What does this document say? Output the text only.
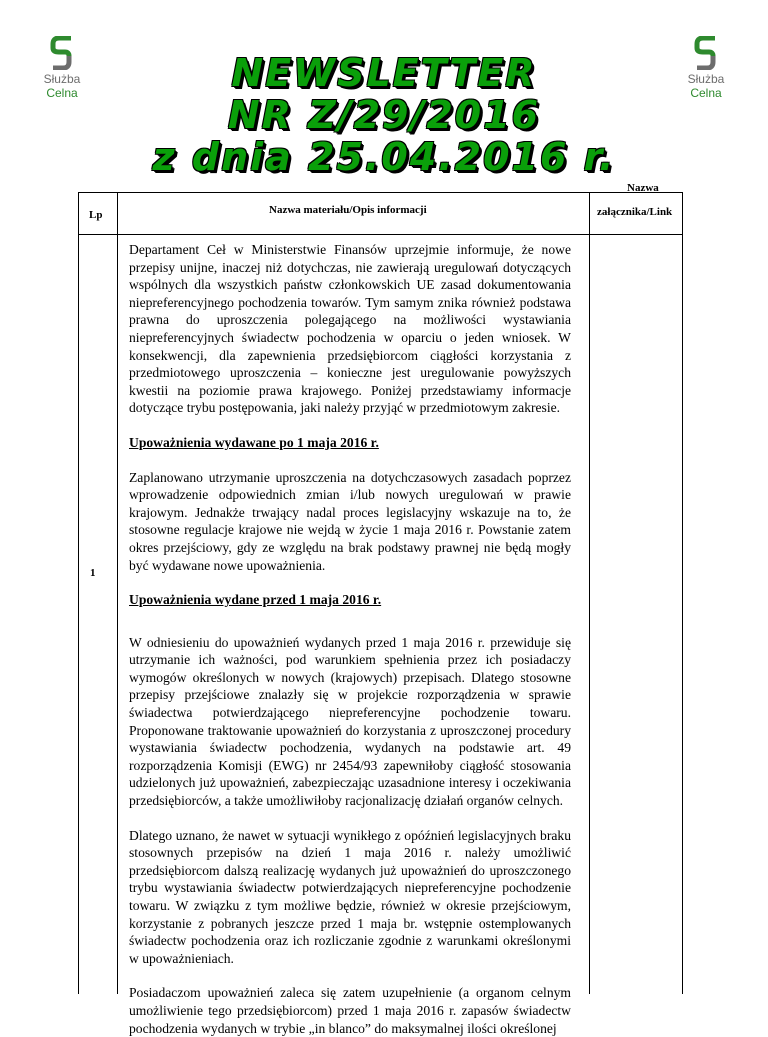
Służba
Celna
Służba
Celna
NEWSLETTER
NR Z/29/2016
z dnia 25.04.2016 r.
Lp	Nazwa materiału/Opis informacji
Nazwa
załącznika/Link
1

Departament Ceł w Ministerstwie Finansów uprzejmie informuje, że nowe przepisy unijne, inaczej niż dotychczas, nie zawierają uregulowań dotyczących wspólnych dla wszystkich państw członkowskich UE zasad dokumentowania niepreferencyjnego pochodzenia towarów. Tym samym znika również podstawa prawna do uproszczenia polegającego na możliwości wystawiania niepreferencyjnych świadectw pochodzenia w oparciu o jeden wniosek. W konsekwencji, dla zapewnienia przedsiębiorcom ciągłości korzystania z przedmiotowego uproszczenia – konieczne jest uregulowanie powyższych kwestii na poziomie prawa krajowego. Poniżej przedstawiamy informacje dotyczące trybu postępowania, jaki należy przyjąć w przedmiotowym zakresie.

Upoważnienia wydawane po 1 maja 2016 r.

Zaplanowano utrzymanie uproszczenia na dotychczasowych zasadach poprzez wprowadzenie odpowiednich zmian i/lub nowych uregulowań w prawie krajowym. Jednakże trwający nadal proces legislacyjny wskazuje na to, że stosowne regulacje krajowe nie wejdą w życie 1 maja 2016 r. Powstanie zatem okres przejściowy, gdy ze względu na brak podstawy prawnej nie będą mogły być wydawane nowe upoważnienia.

Upoważnienia wydane przed 1 maja 2016 r.

W odniesieniu do upoważnień wydanych przed 1 maja 2016 r. przewiduje się utrzymanie ich ważności, pod warunkiem spełnienia przez ich posiadaczy wymogów określonych w nowych (krajowych) przepisach. Dlatego stosowne przepisy przejściowe znalazły się w projekcie rozporządzenia w sprawie świadectwa potwierdzającego niepreferencyjne pochodzenie towaru. Proponowane traktowanie upoważnień do korzystania z uproszczonej procedury wystawiania świadectw pochodzenia, wydanych na podstawie art. 49 rozporządzenia Komisji (EWG) nr 2454/93 zapewniłoby ciągłość stosowania udzielonych już upoważnień, zabezpieczając uzasadnione interesy i oczekiwania przedsiębiorców, a także umożliwiłoby racjonalizację działań organów celnych.

Dlatego uznano, że nawet w sytuacji wynikłego z opóźnień legislacyjnych braku stosownych przepisów na dzień 1 maja 2016 r. należy umożliwić przedsiębiorcom dalszą realizację wydanych już upoważnień do uproszczonego trybu wystawiania świadectw potwierdzających niepreferencyjne pochodzenie towaru. W związku z tym możliwe będzie, również w okresie przejściowym, korzystanie z pobranych jeszcze przed 1 maja br. wstępnie ostemplowanych świadectw pochodzenia oraz ich rozliczanie zgodnie z warunkami określonymi w upoważnieniach.

Posiadaczom upoważnień zaleca się zatem uzupełnienie (a organom celnym umożliwienie tego przedsiębiorcom) przed 1 maja 2016 r. zapasów świadectw pochodzenia wydanych w trybie „in blanco” do maksymalnej ilości określonej
